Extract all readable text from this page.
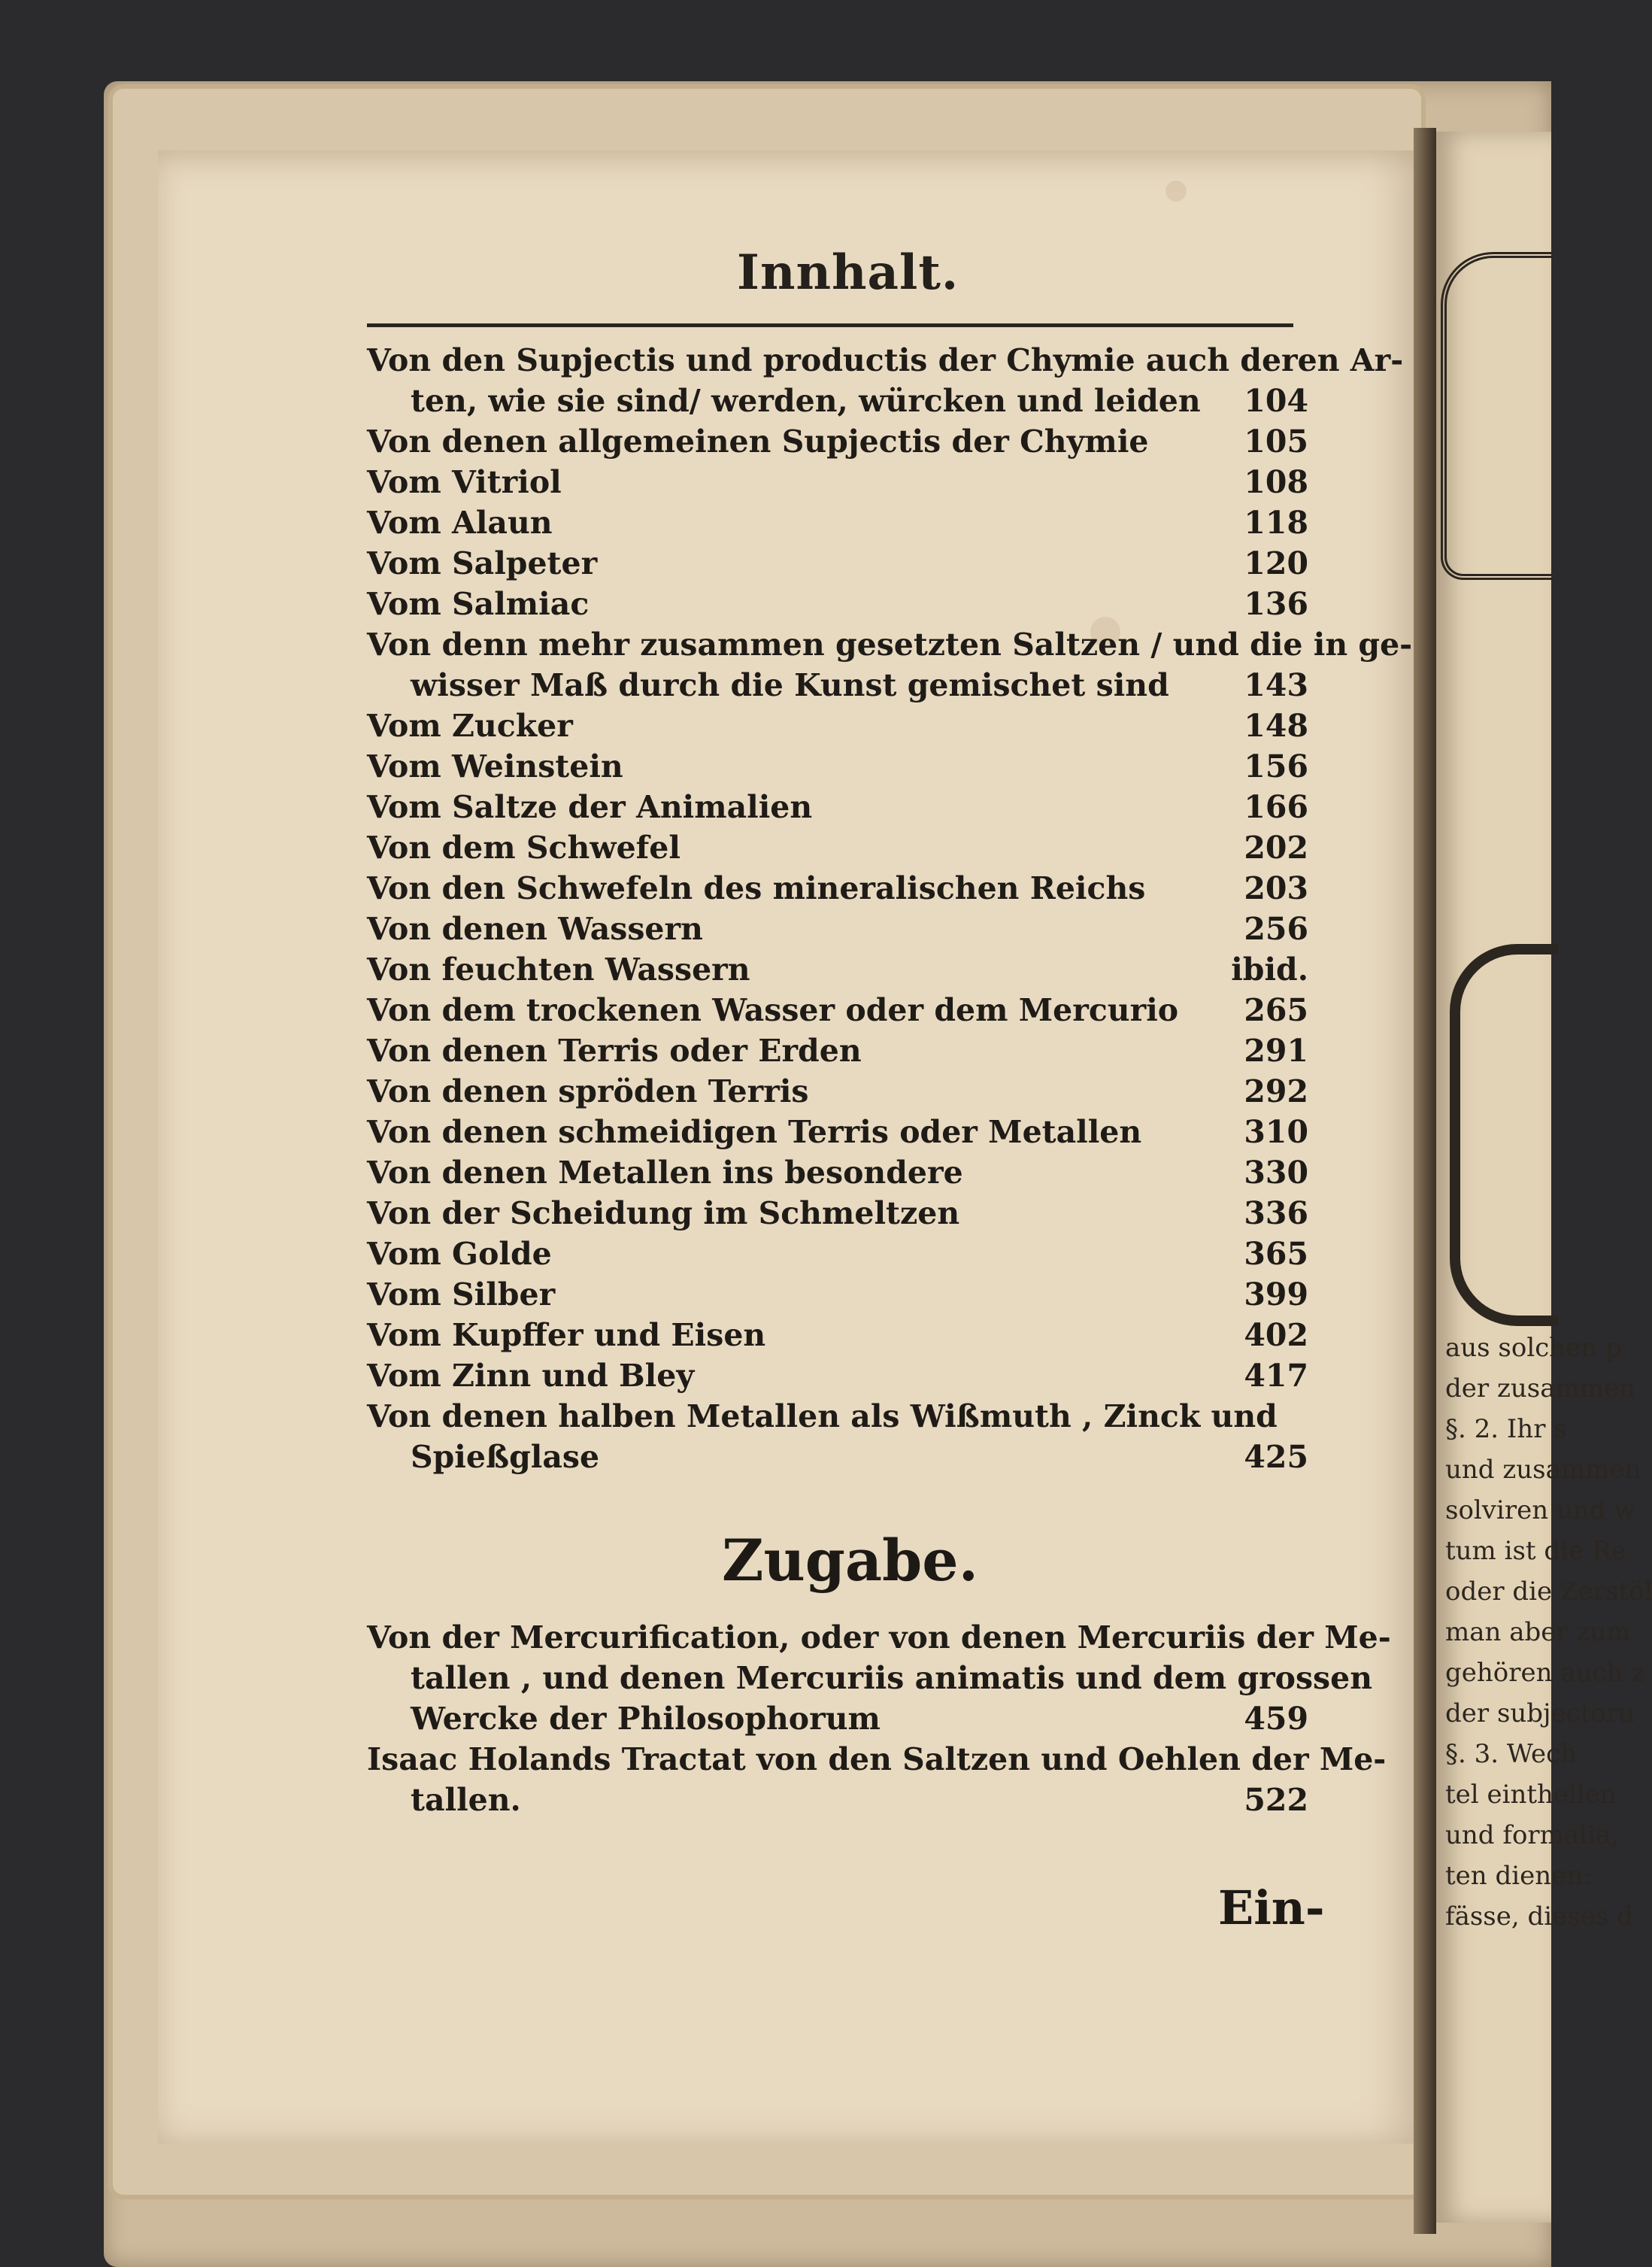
aus solchen p
der zusammen
§. 2. Ihr s
und zusammen
solviren und w
tum ist die Re
oder die Zerstöl
man aber zum
gehören auch z
der subjectoru
§. 3. Wech
tel einthellen
und formalia,
ten dienen:
fässe, dieses d
Innhalt.
Von den Supjectis und productis der Chymie auch deren Ar-
ten, wie sie sind/ werden, würcken und leiden 104
Von denen allgemeinen Supjectis der Chymie	105
Vom Vitriol	108
Vom Alaun	118
Vom Salpeter	120
Vom Salmiac	136
Von denn mehr zusammen gesetzten Saltzen / und die in ge-
wisser Maß durch die Kunst gemischet sind 143
Vom Zucker	148
Vom Weinstein	156
Vom Saltze der Animalien	166
Von dem Schwefel	202
Von den Schwefeln des mineralischen Reichs	203
Von denen Wassern	256
Von feuchten Wassern	ibid.
Von dem trockenen Wasser oder dem Mercurio 265
Von denen Terris oder Erden	291
Von denen spröden Terris	292
Von denen schmeidigen Terris oder Metallen	310
Von denen Metallen ins besondere	330
Von der Scheidung im Schmeltzen	336
Vom Golde	365
Vom Silber	399
Vom Kupffer und Eisen	402
Vom Zinn und Bley	417
Von denen halben Metallen als Wißmuth , Zinck und
Spießglase	425
Zugabe.
Von der Mercurification, oder von denen Mercuriis der Me-
tallen , und denen Mercuriis animatis und dem grossen
Wercke der Philosophorum	459
Isaac Holands Tractat von den Saltzen und Oehlen der Me-
tallen.	522
Ein-
